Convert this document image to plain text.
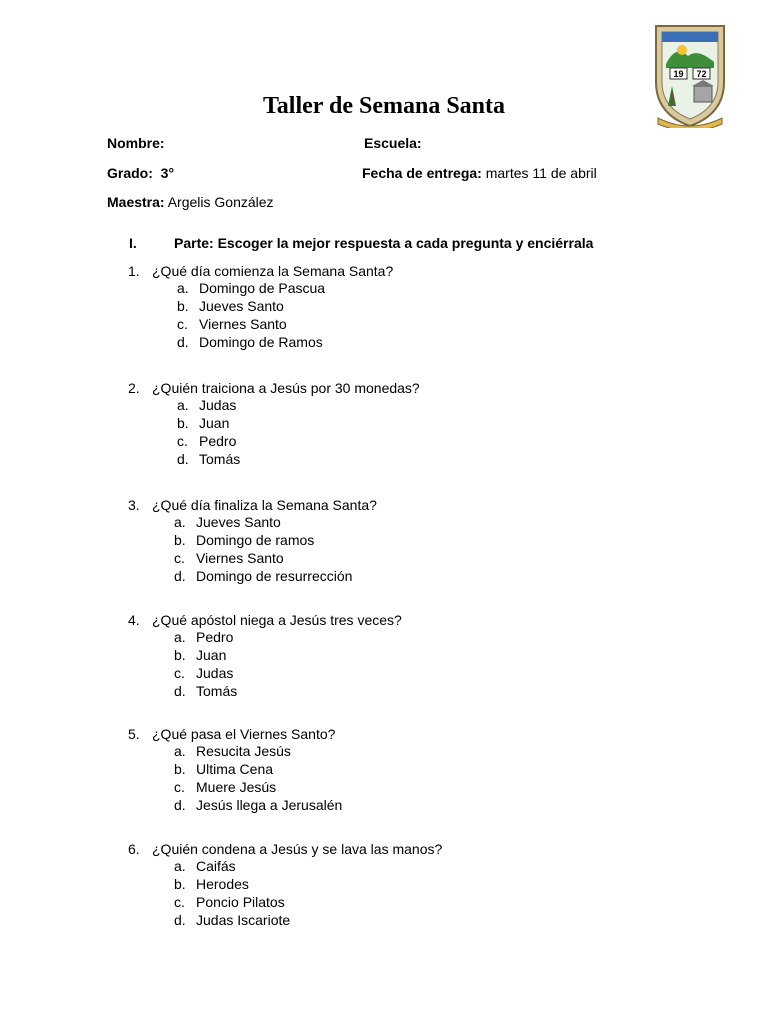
19 72
Taller de Semana Santa
Nombre:	Escuela:
Grado: 3°	Fecha de entrega: martes 11 de abril
Maestra: Argelis González
I.	Parte: Escoger la mejor respuesta a cada pregunta y enciérrala
1. ¿Qué día comienza la Semana Santa?
a. Domingo de Pascua
b. Jueves Santo
c. Viernes Santo
d. Domingo de Ramos
2. ¿Quién traiciona a Jesús por 30 monedas?
a. Judas
b. Juan
c. Pedro
d. Tomás
3. ¿Qué día finaliza la Semana Santa?
a. Jueves Santo
b. Domingo de ramos
c. Viernes Santo
d. Domingo de resurrección
4. ¿Qué apóstol niega a Jesús tres veces?
a. Pedro
b. Juan
c. Judas
d. Tomás
5. ¿Qué pasa el Viernes Santo?
a. Resucita Jesús
b. Ultima Cena
c. Muere Jesús
d. Jesús llega a Jerusalén
6. ¿Quién condena a Jesús y se lava las manos?
a. Caifás
b. Herodes
c. Poncio Pilatos
d. Judas Iscariote
